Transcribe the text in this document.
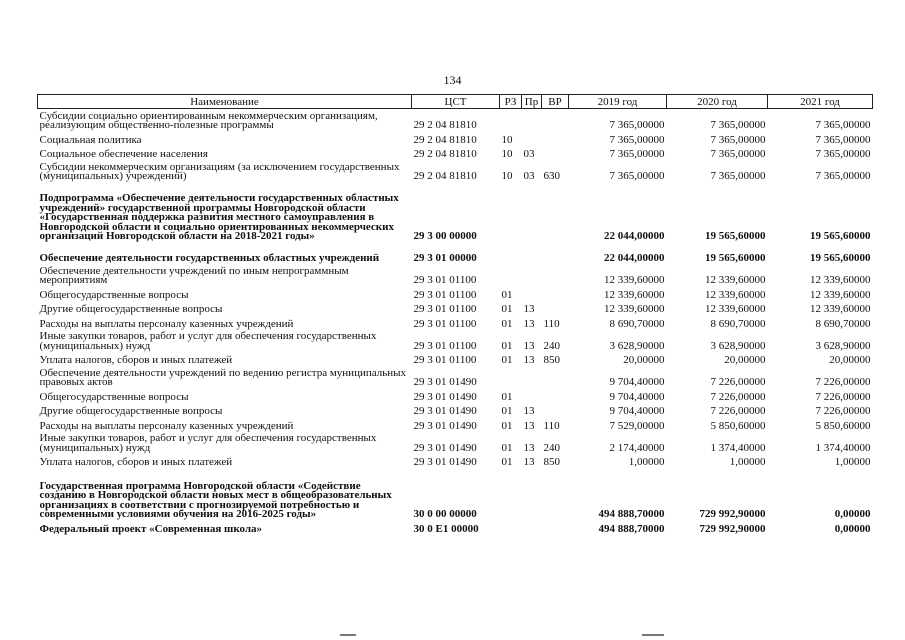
134
Наименование	ЦСТ	РЗ	Пр	ВР	2019 год	2020 год	2021 год
Субсидии социально ориентированным некоммерческим организациям, реализующим общественно-полезные программы	29 2 04 81810				7 365,00000	7 365,00000	7 365,00000
Социальная политика	29 2 04 81810	10			7 365,00000	7 365,00000	7 365,00000
Социальное обеспечение населения	29 2 04 81810	10	03		7 365,00000	7 365,00000	7 365,00000
Субсидии некоммерческим организациям (за исключением государственных (муниципальных) учреждений)	29 2 04 81810	10	03	630	7 365,00000	7 365,00000	7 365,00000
Подпрограмма «Обеспечение деятельности государственных областных учреждений» государственной программы Новгородской области «Государственная поддержка развития местного самоуправления в Новгородской области и социально ориентированных некоммерческих организаций Новгородской области на 2018-2021 годы»	29 3 00 00000				22 044,00000	19 565,60000	19 565,60000
Обеспечение деятельности государственных областных учреждений	29 3 01 00000				22 044,00000	19 565,60000	19 565,60000
Обеспечение деятельности учреждений по иным непрограммным мероприятиям	29 3 01 01100				12 339,60000	12 339,60000	12 339,60000
Общегосударственные вопросы	29 3 01 01100	01			12 339,60000	12 339,60000	12 339,60000
Другие общегосударственные вопросы	29 3 01 01100	01	13		12 339,60000	12 339,60000	12 339,60000
Расходы на выплаты персоналу казенных учреждений	29 3 01 01100	01	13	110	8 690,70000	8 690,70000	8 690,70000
Иные закупки товаров, работ и услуг для обеспечения государственных (муниципальных) нужд	29 3 01 01100	01	13	240	3 628,90000	3 628,90000	3 628,90000
Уплата налогов, сборов и иных платежей	29 3 01 01100	01	13	850	20,00000	20,00000	20,00000
Обеспечение деятельности учреждений по ведению регистра муниципальных правовых актов	29 3 01 01490				9 704,40000	7 226,00000	7 226,00000
Общегосударственные вопросы	29 3 01 01490	01			9 704,40000	7 226,00000	7 226,00000
Другие общегосударственные вопросы	29 3 01 01490	01	13		9 704,40000	7 226,00000	7 226,00000
Расходы на выплаты персоналу казенных учреждений	29 3 01 01490	01	13	110	7 529,00000	5 850,60000	5 850,60000
Иные закупки товаров, работ и услуг для обеспечения государственных (муниципальных) нужд	29 3 01 01490	01	13	240	2 174,40000	1 374,40000	1 374,40000
Уплата налогов, сборов и иных платежей	29 3 01 01490	01	13	850	1,00000	1,00000	1,00000
Государственная программа Новгородской области «Содействие созданию в Новгородской области новых мест в общеобразовательных организациях в соответствии с прогнозируемой потребностью и современными условиями обучения на 2016-2025 годы»	30 0 00 00000				494 888,70000	729 992,90000	0,00000
Федеральный проект «Современная школа»	30 0 E1 00000				494 888,70000	729 992,90000	0,00000
